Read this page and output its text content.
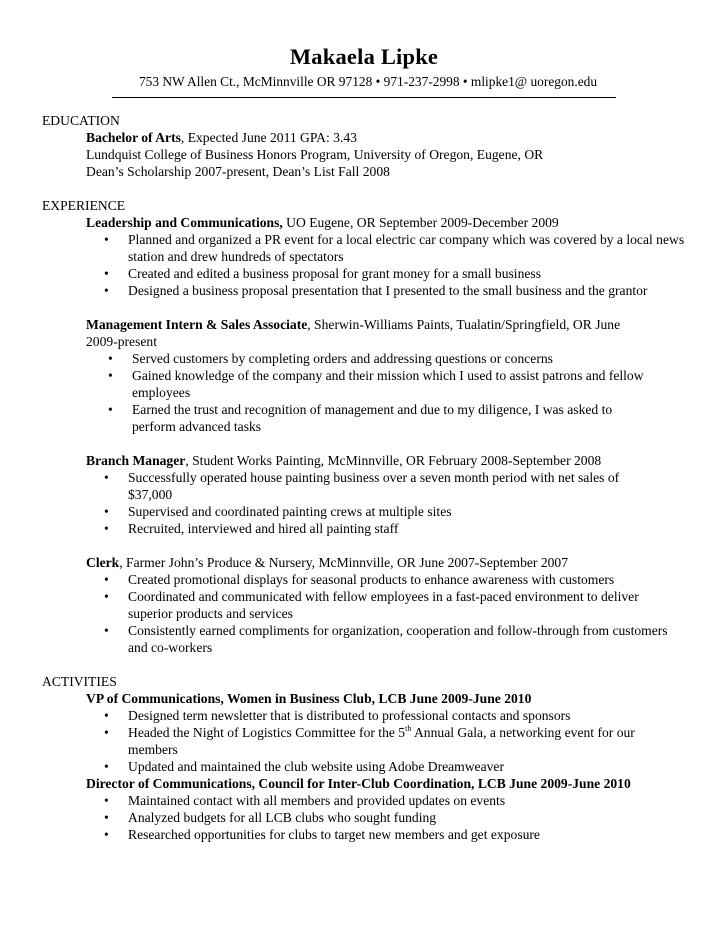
Makaela Lipke
753 NW Allen Ct., McMinnville OR 97128 • 971-237-2998 • mlipke1@ uoregon.edu
EDUCATION
Bachelor of Arts, Expected June 2011 GPA: 3.43
Lundquist College of Business Honors Program, University of Oregon, Eugene, OR
Dean’s Scholarship 2007-present, Dean’s List Fall 2008
EXPERIENCE
Leadership and Communications, UO Eugene, OR September 2009-December 2009
• Planned and organized a PR event for a local electric car company which was covered by a local news station and drew hundreds of spectators
• Created and edited a business proposal for grant money for a small business
• Designed a business proposal presentation that I presented to the small business and the grantor
Management Intern & Sales Associate, Sherwin-Williams Paints, Tualatin/Springfield, OR June
2009-present
• Served customers by completing orders and addressing questions or concerns
• Gained knowledge of the company and their mission which I used to assist patrons and fellow employees
• Earned the trust and recognition of management and due to my diligence, I was asked to perform advanced tasks
Branch Manager, Student Works Painting, McMinnville, OR February 2008-September 2008
• Successfully operated house painting business over a seven month period with net sales of $37,000
• Supervised and coordinated painting crews at multiple sites
• Recruited, interviewed and hired all painting staff
Clerk, Farmer John’s Produce & Nursery, McMinnville, OR June 2007-September 2007
• Created promotional displays for seasonal products to enhance awareness with customers
• Coordinated and communicated with fellow employees in a fast-paced environment to deliver superior products and services
• Consistently earned compliments for organization, cooperation and follow-through from customers and co-workers
ACTIVITIES
VP of Communications, Women in Business Club, LCB June 2009-June 2010
• Designed term newsletter that is distributed to professional contacts and sponsors
• Headed the Night of Logistics Committee for the 5th Annual Gala, a networking event for our
members
• Updated and maintained the club website using Adobe Dreamweaver
Director of Communications, Council for Inter-Club Coordination, LCB June 2009-June 2010
• Maintained contact with all members and provided updates on events
• Analyzed budgets for all LCB clubs who sought funding
• Researched opportunities for clubs to target new members and get exposure
